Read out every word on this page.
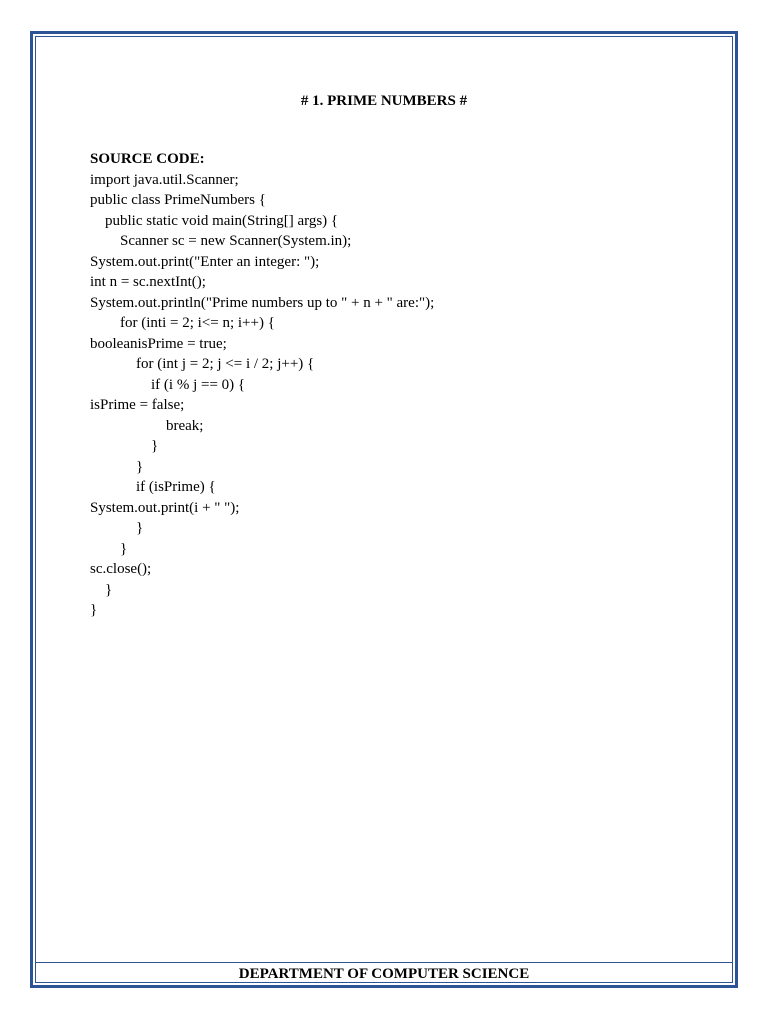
# 1. PRIME NUMBERS #
SOURCE CODE:
import java.util.Scanner;
public class PrimeNumbers {
public static void main(String[] args) {
Scanner sc = new Scanner(System.in);
System.out.print("Enter an integer: ");
int n = sc.nextInt();
System.out.println("Prime numbers up to " + n + " are:");
for (inti = 2; i<= n; i++) {
booleanisPrime = true;
for (int j = 2; j <= i / 2; j++) {
if (i % j == 0) {
isPrime = false;
break;
}
}
if (isPrime) {
System.out.print(i + " ");
}
}
sc.close();
}
}
DEPARTMENT OF COMPUTER SCIENCE
